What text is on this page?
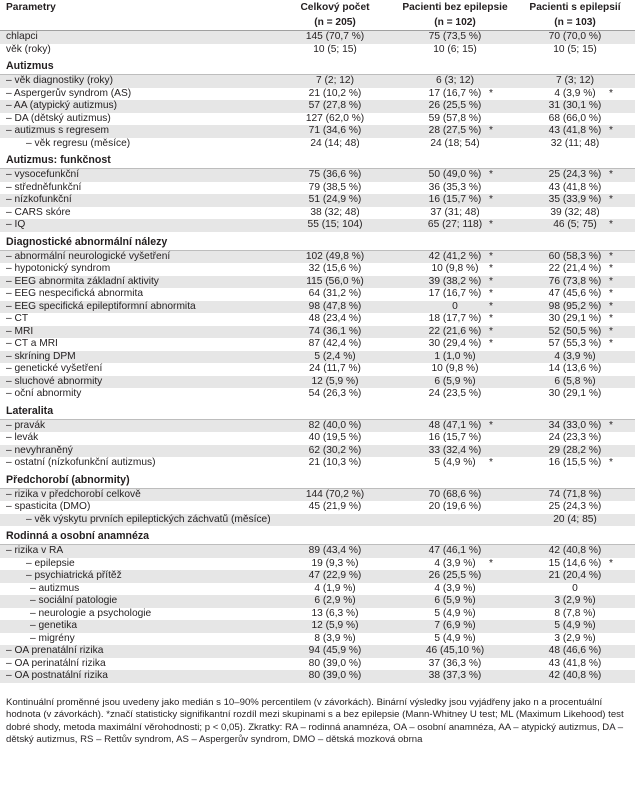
Parametry	Celkový počet	Pacienti bez epilepsie	Pacienti s epilepsií
	(n = 205)	(n = 102)	(n = 103)
chlapci	145 (70,7 %)	75 (73,5 %)	70 (70,0 %)
věk (roky)	10 (5; 15)	10 (6; 15)	10 (5; 15)
Autizmus			
– věk diagnostiky (roky)	7 (2; 12)	6 (3; 12)	7 (3; 12)
– Aspergerův syndrom (AS)	21 (10,2 %)	17 (16,7 %) *	4 (3,9 %) *

– AA (atypický autizmus)	57 (27,8 %)	26 (25,5 %)	31 (30,1 %)
– DA (dětský autizmus)	127 (62,0 %)	59 (57,8 %)	68 (66,0 %)
– autizmus s regresem	71 (34,6 %)	28 (27,5 %) *	43 (41,8 %) *

– věk regresu (měsíce)	24 (14; 48)	24 (18; 54)	32 (11; 48)
Autizmus: funkčnost			
– vysocefunkční	75 (36,6 %)	50 (49,0 %) *	25 (24,3 %) *

– středněfunkční	79 (38,5 %)	36 (35,3 %)	43 (41,8 %)
– nízkofunkční	51 (24,9 %)	16 (15,7 %) *	35 (33,9 %) *

– CARS skóre	38 (32; 48)	37 (31; 48)	39 (32; 48)
– IQ	55 (15; 104)	65 (27; 118) *	46 (5; 75) *

Diagnostické abnormální nálezy			
– abnormální neurologické vyšetření	102 (49,8 %)	42 (41,2 %) *	60 (58,3 %) *

– hypotonický syndrom	32 (15,6 %)	10 (9,8 %) *	22 (21,4 %) *

– EEG abnormita základní aktivity	115 (56,0 %)	39 (38,2 %) *	76 (73,8 %) *

– EEG nespecifická abnormita	64 (31,2 %)	17 (16,7 %) *	47 (45,6 %) *

– EEG specifická epileptiformní abnormita	98 (47,8 %)	0 *	98 (95,2 %) *

– CT	48 (23,4 %)	18 (17,7 %) *	30 (29,1 %) *

– MRI	74 (36,1 %)	22 (21,6 %) *	52 (50,5 %) *

– CT a MRI	87 (42,4 %)	30 (29,4 %) *	57 (55,3 %) *

– skríning DPM	5 (2,4 %)	1 (1,0 %)	4 (3,9 %)
– genetické vyšetření	24 (11,7 %)	10 (9,8 %)	14 (13,6 %)
– sluchové abnormity	12 (5,9 %)	6 (5,9 %)	6 (5,8 %)
– oční abnormity	54 (26,3 %)	24 (23,5 %)	30 (29,1 %)
Lateralita			
– pravák	82 (40,0 %)	48 (47,1 %) *	34 (33,0 %) *

– levák	40 (19,5 %)	16 (15,7 %)	24 (23,3 %)
– nevyhraněný	62 (30,2 %)	33 (32,4 %)	29 (28,2 %)
– ostatní (nízkofunkční autizmus)	21 (10,3 %)	5 (4,9 %) *	16 (15,5 %) *

Předchorobí (abnormity)			
– rizika v předchorobí celkově	144 (70,2 %)	70 (68,6 %)	74 (71,8 %)
– spasticita (DMO)	45 (21,9 %)	20 (19,6 %)	25 (24,3 %)
– věk výskytu prvních epileptických záchvatů (měsíce)			20 (4; 85)
Rodinná a osobní anamnéza			
– rizika v RA	89 (43,4 %)	47 (46,1 %)	42 (40,8 %)
– epilepsie	19 (9,3 %)	4 (3,9 %) *	15 (14,6 %) *

– psychiatrická přítěž	47 (22,9 %)	26 (25,5 %)	21 (20,4 %)
– autizmus	4 (1,9 %)	4 (3,9 %)	0
– sociální patologie	6 (2,9 %)	6 (5,9 %)	3 (2,9 %)
– neurologie a psychologie	13 (6,3 %)	5 (4,9 %)	8 (7,8 %)
– genetika	12 (5,9 %)	7 (6,9 %)	5 (4,9 %)
– migrény	8 (3,9 %)	5 (4,9 %)	3 (2,9 %)
– OA prenatální rizika	94 (45,9 %)	46 (45,10 %)	48 (46,6 %)
– OA perinatální rizika	80 (39,0 %)	37 (36,3 %)	43 (41,8 %)
– OA postnatální rizika	80 (39,0 %)	38 (37,3 %)	42 (40,8 %)
Kontinuální proměnné jsou uvedeny jako medián s 10–90% percentilem (v závorkách). Binární výsledky jsou vyjádřeny jako n a procentuální hodnota (v závorkách). *značí statisticky signifikantní rozdíl mezi skupinami s a bez epilepsie (Mann-Whitney U test; ML (Maximum Likehood) test dobré shody, metoda maximální věrohodnosti; p < 0,05). Zkratky: RA – rodinná anamnéza, OA – osobní anamnéza, AA – atypický autizmus, DA – dětský autizmus, RS – Rettův syndrom, AS – Aspergerův syndrom, DMO – dětská mozková obrna
